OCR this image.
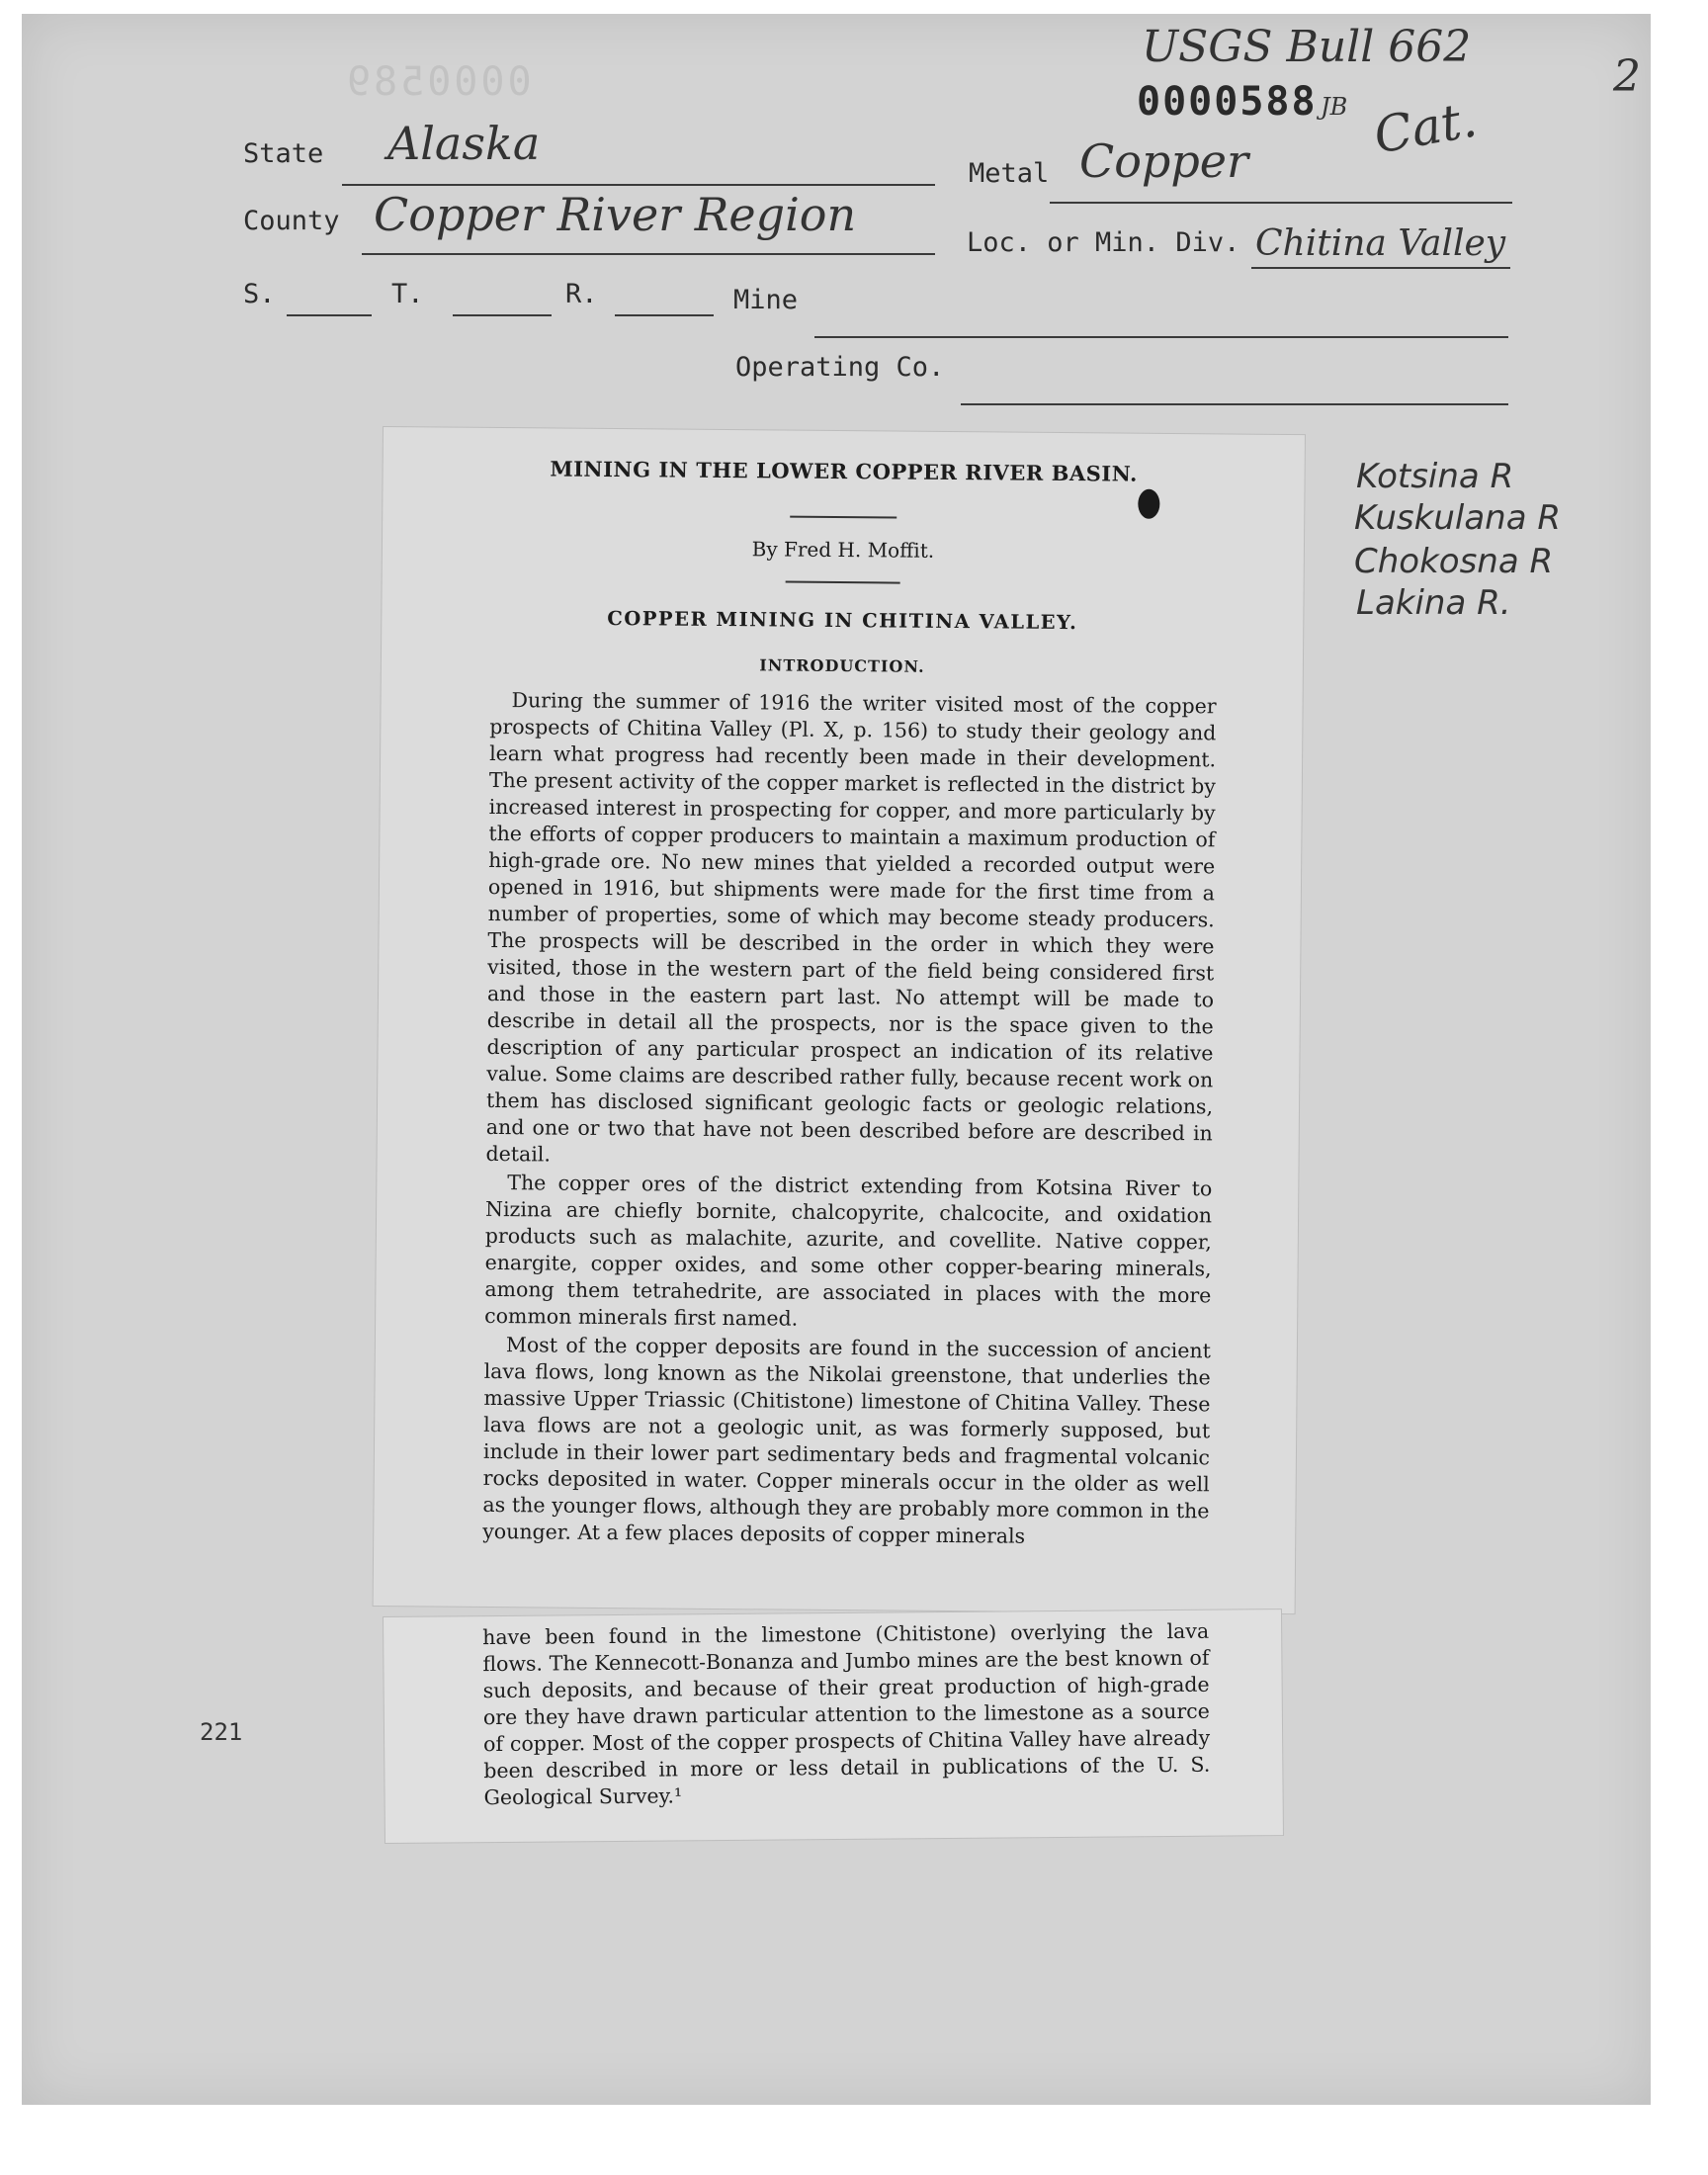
USGS Bull 662
0000589	0000588 JB Cat.
2
State Alaska
Metal Copper
County Copper River Region
Loc. or Min. Div. Chitina Valley
S.	T.	R.	Mine
Operating Co.
Kotsina R
Kuskulana R
Chokosna R
Lakina R.
MINING IN THE LOWER COPPER RIVER BASIN.
By Fred H. Moffit.
COPPER MINING IN CHITINA VALLEY.
INTRODUCTION.

During the summer of 1916 the writer visited most of the copper prospects of Chitina Valley (Pl. X, p. 156) to study their geology and learn what progress had recently been made in their development. The present activity of the copper market is reflected in the district by increased interest in prospecting for copper, and more particularly by the efforts of copper producers to maintain a maximum production of high-grade ore. No new mines that yielded a recorded output were opened in 1916, but shipments were made for the first time from a number of properties, some of which may become steady producers. The prospects will be described in the order in which they were visited, those in the western part of the field being considered first and those in the eastern part last. No attempt will be made to describe in detail all the prospects, nor is the space given to the description of any particular prospect an indication of its relative value. Some claims are described rather fully, because recent work on them has disclosed significant geologic facts or geologic relations, and one or two that have not been described before are described in detail.

The copper ores of the district extending from Kotsina River to Nizina are chiefly bornite, chalcopyrite, chalcocite, and oxidation products such as malachite, azurite, and covellite. Native copper, enargite, copper oxides, and some other copper-bearing minerals, among them tetrahedrite, are associated in places with the more common minerals first named.

Most of the copper deposits are found in the succession of ancient lava flows, long known as the Nikolai greenstone, that underlies the massive Upper Triassic (Chitistone) limestone of Chitina Valley. These lava flows are not a geologic unit, as was formerly supposed, but include in their lower part sedimentary beds and fragmental volcanic rocks deposited in water. Copper minerals occur in the older as well as the younger flows, although they are probably more common in the younger. At a few places deposits of copper minerals

have been found in the limestone (Chitistone) overlying the lava flows. The Kennecott-Bonanza and Jumbo mines are the best known of such deposits, and because of their great production of high-grade ore they have drawn particular attention to the limestone as a source of copper. Most of the copper prospects of Chitina Valley have already been described in more or less detail in publications of the U. S. Geological Survey.¹

221
